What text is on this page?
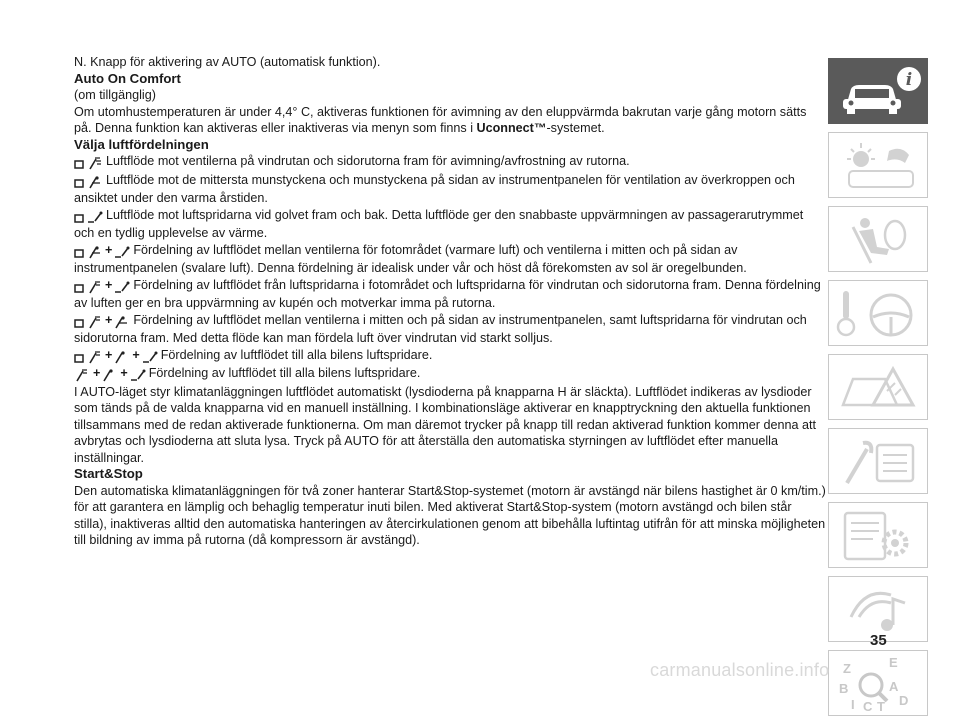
N. Knapp för aktivering av AUTO (automatisk funktion).

Auto On Comfort

(om tillgänglig)

Om utomhustemperaturen är under 4,4° C, aktiveras funktionen för avimning av den eluppvärmda bakrutan varje gång motorn sätts på. Denna funktion kan aktiveras eller inaktiveras via menyn som finns i Uconnect™-systemet.

Välja luftfördelningen

Luftflöde mot ventilerna på vindrutan och sidorutorna fram för avimning/avfrostning av rutorna.

Luftflöde mot de mittersta munstyckena och munstyckena på sidan av instrumentpanelen för ventilation av överkroppen och ansiktet under den varma årstiden.

Luftflöde mot luftspridarna vid golvet fram och bak. Detta luftflöde ger den snabbaste uppvärmningen av passagerarutrymmet och en tydlig upplevelse av värme.

+ Fördelning av luftflödet mellan ventilerna för fotområdet (varmare luft) och ventilerna i mitten och på sidan av instrumentpanelen (svalare luft). Denna fördelning är idealisk under vår och höst då förekomsten av sol är oregelbunden.

+ Fördelning av luftflödet från luftspridarna i fotområdet och luftspridarna för vindrutan och sidorutorna fram. Denna fördelning av luften ger en bra uppvärmning av kupén och motverkar imma på rutorna.

+ Fördelning av luftflödet mellan ventilerna i mitten och på sidan av instrumentpanelen, samt luftspridarna för vindrutan och sidorutorna fram. Med detta flöde kan man fördela luft över vindrutan vid starkt solljus.

+ + Fördelning av luftflödet till alla bilens luftspridare.

+ + Fördelning av luftflödet till alla bilens luftspridare.

I AUTO-läget styr klimatanläggningen luftflödet automatiskt (lysdioderna på knapparna H är släckta). Luftflödet indikeras av lysdioder som tänds på de valda knapparna vid en manuell inställning. I kombinationsläge aktiverar en knapptryckning den aktuella funktionen tillsammans med de redan aktiverade funktionerna. Om man däremot trycker på knapp till redan aktiverad funktion kommer denna att avbrytas och lysdioderna att sluta lysa. Tryck på AUTO för att återställa den automatiska styrningen av luftflödet efter manuella inställningar.

Start&Stop

Den automatiska klimatanläggningen för två zoner hanterar Start&Stop-systemet (motorn är avstängd när bilens hastighet är 0 km/tim.) för att garantera en lämplig och behaglig temperatur inuti bilen. Med aktiverat Start&Stop-system (motorn avstängd och bilen står stilla), inaktiveras alltid den automatiska hanteringen av återcirkulationen genom att bibehålla luftintag utifrån för att minska möjligheten till bildning av imma på rutorna (då kompressorn är avstängd).

i
Z	E
B	A
I C T D
35
carmanualsonline.info
